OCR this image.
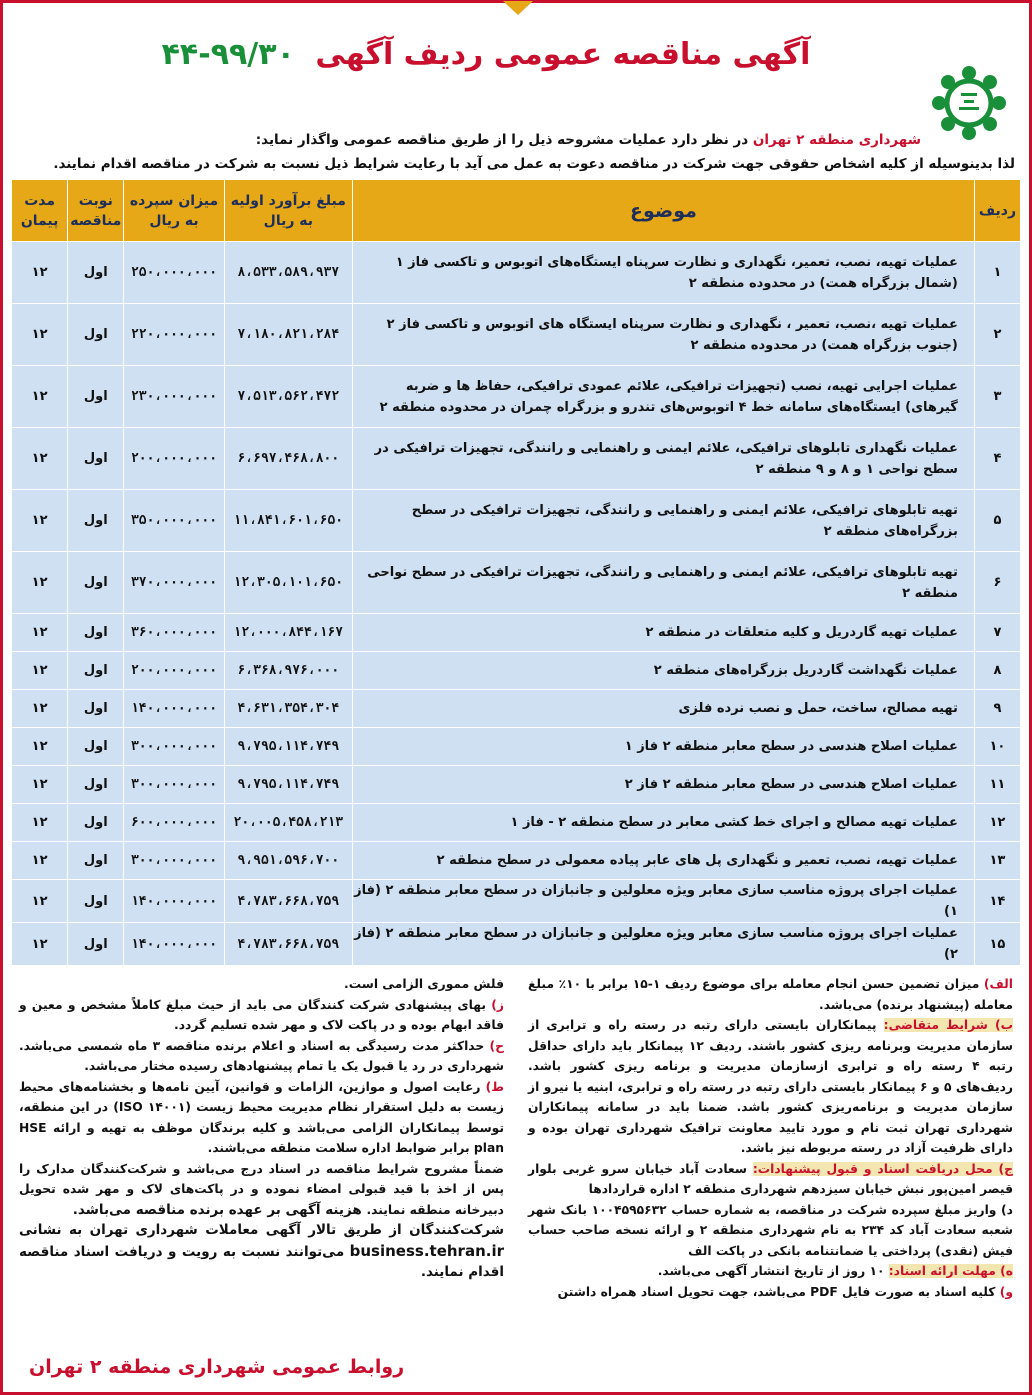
آگهی مناقصه عمومی ردیف آگهی ۹۹/۳۰-۴۴
شهرداری منطقه ۲ تهران در نظر دارد عملیات مشروحه ذیل را از طریق مناقصه عمومی واگذار نماید:
لذا بدینوسیله از کلیه اشخاص حقوقی جهت شرکت در مناقصه دعوت به عمل می آید با رعایت شرایط ذیل نسبت به شرکت در مناقصه اقدام نمایند.
ردیف	موضوع	مبلغ برآورد اولیه به ریال	میزان سپرده به ریال	نوبت مناقصه	مدت پیمان
۱	عملیات تهیه، نصب، تعمیر، نگهداری و نظارت سرپناه ایستگاه‌های اتوبوس و تاکسی فاز ۱ (شمال بزرگراه همت) در محدوده منطقه ۲	۸،۵۳۳،۵۸۹،۹۳۷	۲۵۰،۰۰۰،۰۰۰	اول	۱۲
۲	عملیات تهیه ،نصب، تعمیر ، نگهداری و نظارت سرپناه ایستگاه های اتوبوس و تاکسی فاز ۲ (جنوب بزرگراه همت) در محدوده منطقه ۲	۷،۱۸۰،۸۲۱،۲۸۴	۲۲۰،۰۰۰،۰۰۰	اول	۱۲
۳	عملیات اجرایی تهیه، نصب (تجهیزات ترافیکی، علائم عمودی ترافیکی، حفاظ ها و ضربه گیرهای) ایستگاه‌های سامانه خط ۴ اتوبوس‌های تندرو و بزرگراه چمران در محدوده منطقه ۲	۷،۵۱۳،۵۶۲،۴۷۲	۲۳۰،۰۰۰،۰۰۰	اول	۱۲
۴	عملیات نگهداری تابلوهای ترافیکی، علائم ایمنی و راهنمایی و رانندگی، تجهیزات ترافیکی در سطح نواحی ۱ و ۸ و ۹ منطقه ۲	۶،۶۹۷،۴۶۸،۸۰۰	۲۰۰،۰۰۰،۰۰۰	اول	۱۲
۵	تهیه تابلوهای ترافیکی، علائم ایمنی و راهنمایی و رانندگی، تجهیزات ترافیکی در سطح بزرگراه‌های منطقه ۲	۱۱،۸۴۱،۶۰۱،۶۵۰	۳۵۰،۰۰۰،۰۰۰	اول	۱۲
۶	تهیه تابلوهای ترافیکی، علائم ایمنی و راهنمایی و رانندگی، تجهیزات ترافیکی در سطح نواحی منطقه ۲	۱۲،۳۰۵،۱۰۱،۶۵۰	۳۷۰،۰۰۰،۰۰۰	اول	۱۲
۷	عملیات تهیه گاردریل و کلیه متعلقات در منطقه ۲	۱۲،۰۰۰،۸۴۴،۱۶۷	۳۶۰،۰۰۰،۰۰۰	اول	۱۲
۸	عملیات نگهداشت گاردریل بزرگراه‌های منطقه ۲	۶،۳۶۸،۹۷۶،۰۰۰	۲۰۰،۰۰۰،۰۰۰	اول	۱۲
۹	تهیه مصالح، ساخت، حمل و نصب نرده فلزی	۴،۶۳۱،۳۵۴،۳۰۴	۱۴۰،۰۰۰،۰۰۰	اول	۱۲
۱۰	عملیات اصلاح هندسی در سطح معابر منطقه ۲ فاز ۱	۹،۷۹۵،۱۱۴،۷۴۹	۳۰۰،۰۰۰،۰۰۰	اول	۱۲
۱۱	عملیات اصلاح هندسی در سطح معابر منطقه ۲ فاز ۲	۹،۷۹۵،۱۱۴،۷۴۹	۳۰۰،۰۰۰،۰۰۰	اول	۱۲
۱۲	عملیات تهیه مصالح و اجرای خط کشی معابر در سطح منطقه ۲ - فاز ۱	۲۰،۰۰۵،۴۵۸،۲۱۳	۶۰۰،۰۰۰،۰۰۰	اول	۱۲
۱۳	عملیات تهیه، نصب، تعمیر و نگهداری پل های عابر پیاده معمولی در سطح منطقه ۲	۹،۹۵۱،۵۹۶،۷۰۰	۳۰۰،۰۰۰،۰۰۰	اول	۱۲
۱۴	عملیات اجرای پروژه مناسب سازی معابر ویژه معلولین و جانبازان در سطح معابر منطقه ۲ (فاز ۱)	۴،۷۸۳،۶۶۸،۷۵۹	۱۴۰،۰۰۰،۰۰۰	اول	۱۲
۱۵	عملیات اجرای پروژه مناسب سازی معابر ویژه معلولین و جانبازان در سطح معابر منطقه ۲ (فاز ۲)	۴،۷۸۳،۶۶۸،۷۵۹	۱۴۰،۰۰۰،۰۰۰	اول	۱۲

الف) میزان تضمین حسن انجام معامله برای موضوع ردیف ۱-۱۵ برابر با ۱۰٪ مبلغ معامله (پیشنهاد برنده) می‌باشد.

ب) شرایط متقاضی: پیمانکاران بایستی دارای رتبه در رسته راه و ترابری از سازمان مدیریت وبرنامه ریزی کشور باشند. ردیف ۱۲ پیمانکار باید دارای حداقل رتبه ۴ رسته راه و ترابری ازسازمان مدیریت و برنامه ریزی کشور باشد. ردیف‌های ۵ و ۶ پیمانکار بایستی دارای رتبه در رسته راه و ترابری، ابنیه یا نیرو از سازمان مدیریت و برنامه‌ریزی کشور باشد. ضمنا باید در سامانه پیمانکاران شهرداری تهران ثبت نام و مورد تایید معاونت ترافیک شهرداری تهران بوده و دارای ظرفیت آزاد در رسته مربوطه نیز باشد.

ج) محل دریافت اسناد و قبول پیشنهادات: سعادت آباد خیابان سرو غربی بلوار قیصر امین‌پور نبش خیابان سیزدهم شهرداری منطقه ۲ اداره قراردادها

د) واریز مبلغ سپرده شرکت در مناقصه، به شماره حساب ۱۰۰۴۵۹۵۶۳۲ بانک شهر شعبه سعادت آباد کد ۲۳۴ به نام شهرداری منطقه ۲ و ارائه نسخه صاحب حساب فیش (نقدی) پرداختی یا ضمانتنامه بانکی در پاکت الف

ه) مهلت ارائه اسناد: ۱۰ روز از تاریخ انتشار آگهی می‌باشد.

و) کلیه اسناد به صورت فایل PDF می‌باشد، جهت تحویل اسناد همراه داشتن

فلش مموری الزامی است.

ز) بهای پیشنهادی شرکت کنندگان می باید از حیث مبلغ کاملاً مشخص و معین و فاقد ابهام بوده و در پاکت لاک و مهر شده تسلیم گردد.

ح) حداکثر مدت رسیدگی به اسناد و اعلام برنده مناقصه ۳ ماه شمسی می‌باشد. شهرداری در رد یا قبول یک یا تمام پیشنهادهای رسیده مختار می‌باشد.

ط) رعایت اصول و موازین، الزامات و قوانین، آیین نامه‌ها و بخشنامه‌های محیط زیست به دلیل استقرار نظام مدیریت محیط زیست (ISO ۱۴۰۰۱) در این منطقه، توسط پیمانکاران الزامی می‌باشد و کلیه برندگان موظف به تهیه و ارائه HSE plan برابر ضوابط اداره سلامت منطقه می‌باشند.

ضمناً مشروح شرایط مناقصه در اسناد درج می‌باشد و شرکت‌کنندگان مدارک را پس از اخذ با قید قبولی امضاء نموده و در پاکت‌های لاک و مهر شده تحویل دبیرخانه منطقه نمایند. هزینه آگهی بر عهده برنده مناقصه می‌باشد.

شرکت‌کنندگان از طریق تالار آگهی معاملات شهرداری تهران به نشانی business.tehran.ir می‌توانند نسبت به رویت و دریافت اسناد مناقصه اقدام نمایند.

روابط عمومی شهرداری منطقه ۲ تهران
